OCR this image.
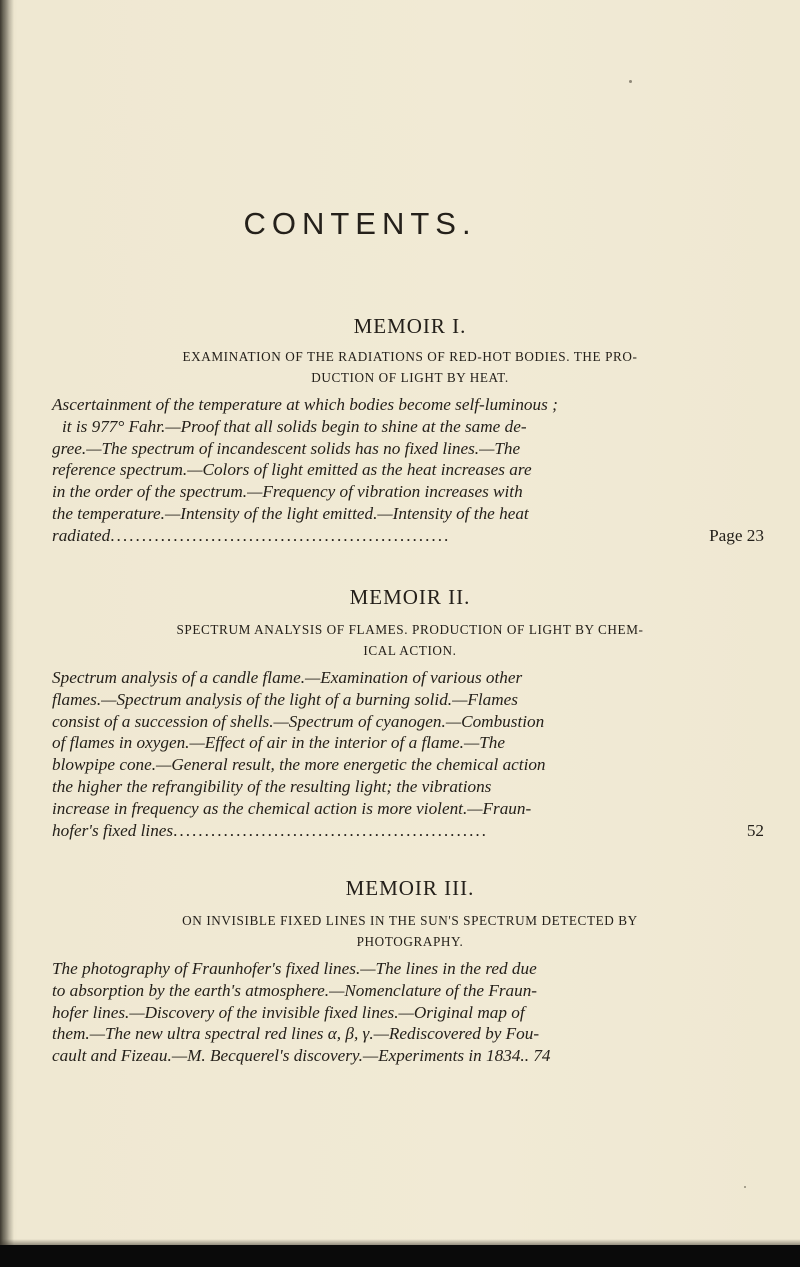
CONTENTS.
MEMOIR I.
EXAMINATION OF THE RADIATIONS OF RED-HOT BODIES. THE PRO-
DUCTION OF LIGHT BY HEAT.
Ascertainment of the temperature at which bodies become self-luminous ;
it is 977° Fahr.—Proof that all solids begin to shine at the same de-
gree.—The spectrum of incandescent solids has no fixed lines.—The
reference spectrum.—Colors of light emitted as the heat increases are
in the order of the spectrum.—Frequency of vibration increases with
the temperature.—Intensity of the light emitted.—Intensity of the heat
radiated......................................................	Page 23
MEMOIR II.
SPECTRUM ANALYSIS OF FLAMES. PRODUCTION OF LIGHT BY CHEM-
ICAL ACTION.
Spectrum analysis of a candle flame.—Examination of various other
flames.—Spectrum analysis of the light of a burning solid.—Flames
consist of a succession of shells.—Spectrum of cyanogen.—Combustion
of flames in oxygen.—Effect of air in the interior of a flame.—The
blowpipe cone.—General result, the more energetic the chemical action
the higher the refrangibility of the resulting light; the vibrations
increase in frequency as the chemical action is more violent.—Fraun-
hofer's fixed lines..................................................	52
MEMOIR III.
ON INVISIBLE FIXED LINES IN THE SUN'S SPECTRUM DETECTED BY
PHOTOGRAPHY.
The photography of Fraunhofer's fixed lines.—The lines in the red due
to absorption by the earth's atmosphere.—Nomenclature of the Fraun-
hofer lines.—Discovery of the invisible fixed lines.—Original map of
them.—The new ultra spectral red lines α, β, γ.—Rediscovered by Fou-
cault and Fizeau.—M. Becquerel's discovery.—Experiments in 1834.. 74
